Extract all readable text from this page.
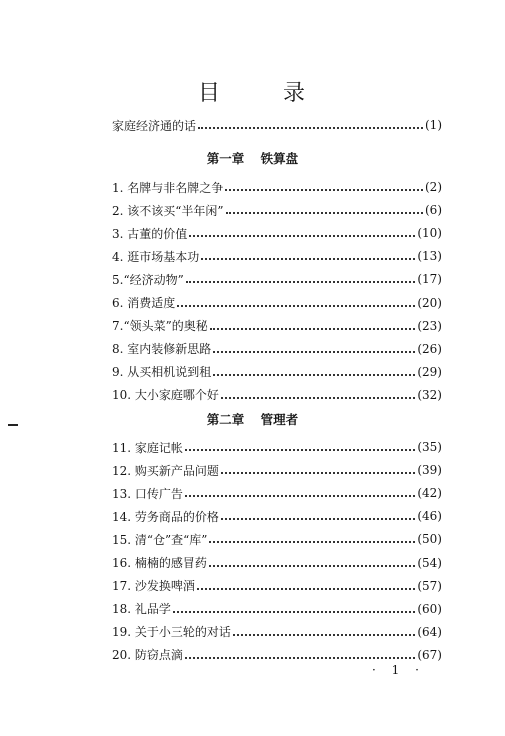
目 录
家庭经济通的话	(1)
第一章 铁算盘
1. 名牌与非名牌之争	(2)
2. 该不该买“半年闲”	(6)
3. 古董的价值	(10)
4. 逛市场基本功	(13)
5.“经济动物”	(17)
6. 消费适度	(20)
7.“领头菜”的奥秘	(23)
8. 室内装修新思路	(26)
9. 从买相机说到租	(29)
10. 大小家庭哪个好	(32)
第二章 管理者
11. 家庭记帐	(35)
12. 购买新产品问题	(39)
13. 口传广告	(42)
14. 劳务商品的价格	(46)
15. 清“仓”查“库”	(50)
16. 楠楠的感冒药	(54)
17. 沙发换啤酒	(57)
18. 礼品学	(60)
19. 关于小三轮的对话	(64)
20. 防窃点滴	(67)
· 1 ·
